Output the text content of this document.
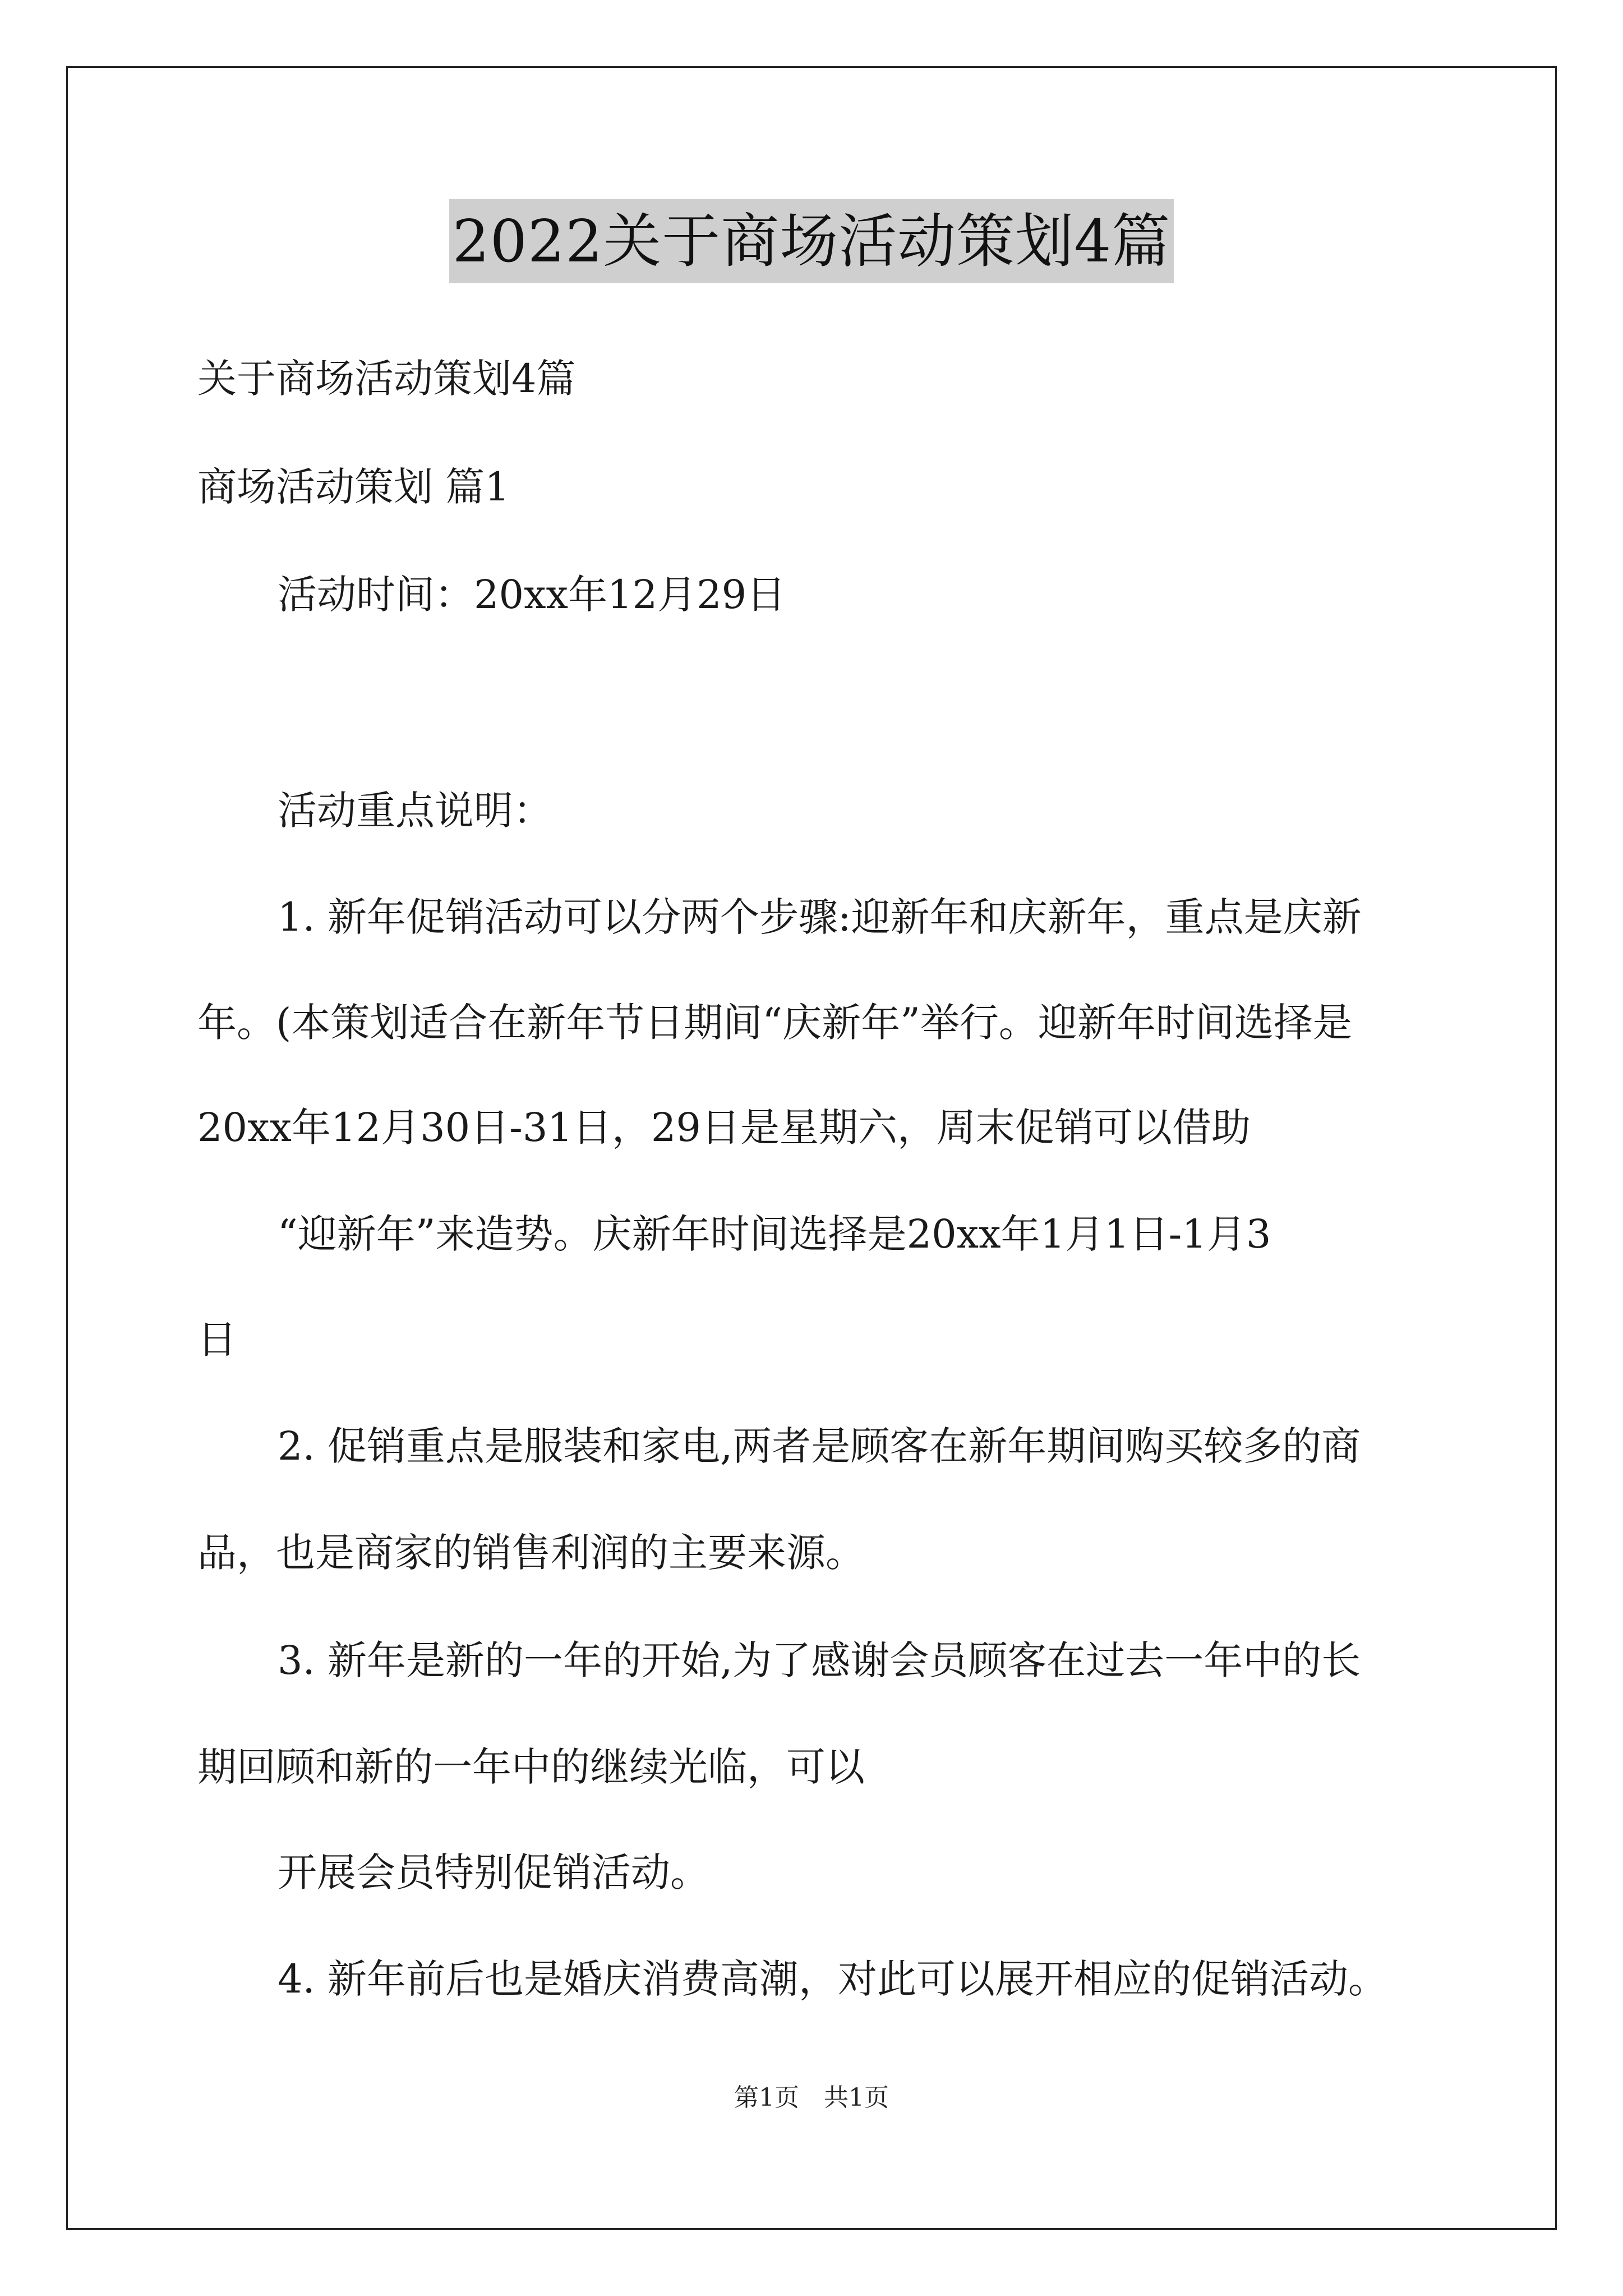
2022关于商场活动策划4篇
关于商场活动策划4篇
商场活动策划 篇1
活动时间：20xx年12月29日
活动重点说明：
1. 新年促销活动可以分两个步骤:迎新年和庆新年，重点是庆新
年。(本策划适合在新年节日期间“庆新年”举行。迎新年时间选择是
20xx年12月30日-31日，29日是星期六，周末促销可以借助
“迎新年”来造势。庆新年时间选择是20xx年1月1日-1月3
日
2. 促销重点是服装和家电,两者是顾客在新年期间购买较多的商
品，也是商家的销售利润的主要来源。
3. 新年是新的一年的开始,为了感谢会员顾客在过去一年中的长
期回顾和新的一年中的继续光临，可以
开展会员特别促销活动。
4. 新年前后也是婚庆消费高潮，对此可以展开相应的促销活动。
第1页　共1页
